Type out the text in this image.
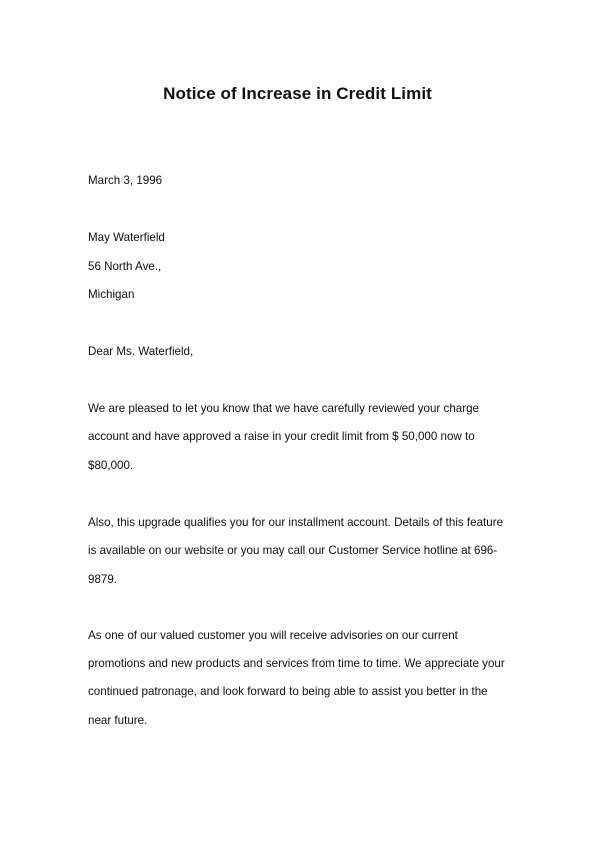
Notice of Increase in Credit Limit
March 3, 1996
May Waterfield
56 North Ave.,
Michigan
Dear Ms. Waterfield,
We are pleased to let you know that we have carefully reviewed your charge
account and have approved a raise in your credit limit from $ 50,000 now to
$80,000.
Also, this upgrade qualifies you for our installment account. Details of this feature
is available on our website or you may call our Customer Service hotline at 696-
9879.
As one of our valued customer you will receive advisories on our current
promotions and new products and services from time to time. We appreciate your
continued patronage, and look forward to being able to assist you better in the
near future.
